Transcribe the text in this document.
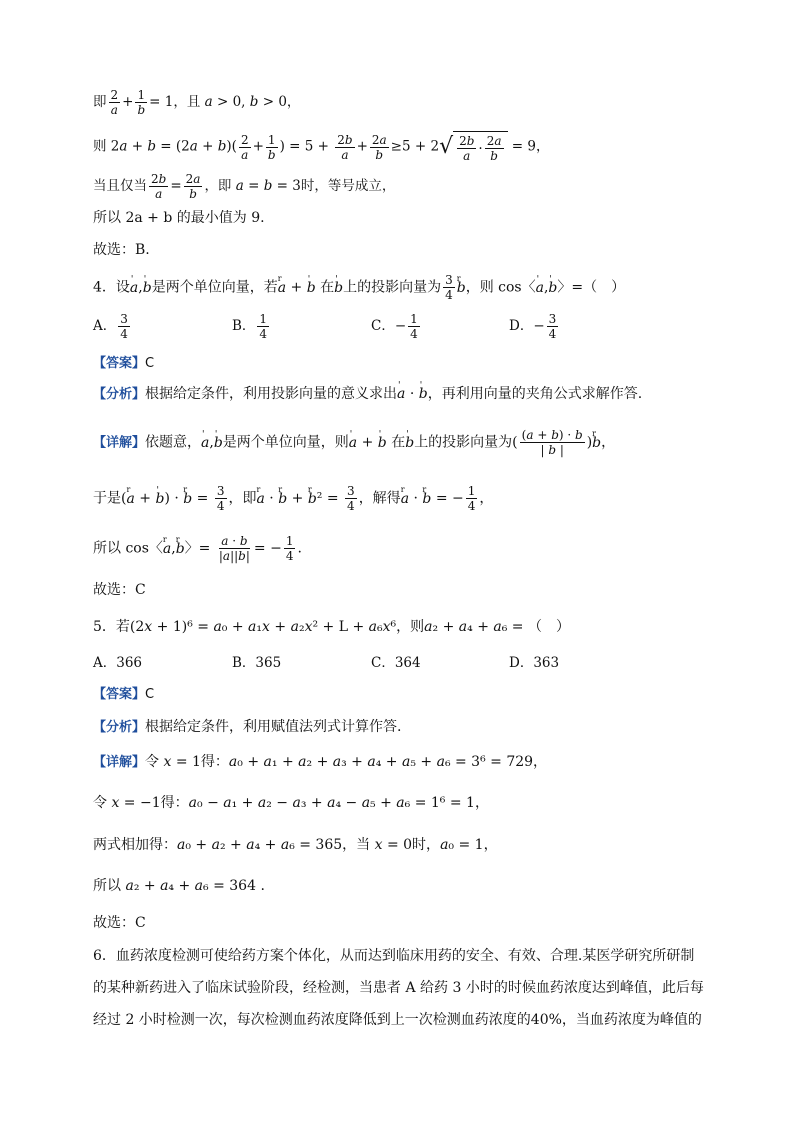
即 $\frac{2}{a} + \frac{1}{b} = 1$，且 a > 0, b > 0，
则 $2a + b = (2a + b)( \frac{2}{a} + \frac{1}{b}$ ) = $5 + \frac{2b}{a} + \frac{2a}{b} \ge 5 + 2$ √ $\frac{2b}{a} \cdot \frac{2a}{b} = 9$，
当且仅当 $\frac{2b}{a} = \frac{2a}{b}$ ，即 a = b = 3时，等号成立，
所以 2a + b 的最小值为 9.
故选：B.
4．设' a,' b是两个单位向量，若r a + ' b 在' b上的投影向量为 $\frac{3}{4}$
r b，则 cos〈' a,' b〉=（　）
A． $\frac{3}{4}$	B． $\frac{1}{4}$	C．− $\frac{1}{4}$	D．− $\frac{3}{4}$
【答案】C
【分析】根据给定条件，利用投影向量的意义求出' a · ' b，再利用向量的夹角公式求解作答.
【详解】依题意，' a,' b是两个单位向量，则' a + ' b 在' b上的投影向量为( $\frac{(a + b) \cdot b}{| b |} )r$ b，
于是(r a + ' b) · r $b = \frac{3}{4}$ ，即r a · r b + r $b^2 = \frac{3}{4}$ ，解得r a · r b = − $\frac{1}{4}$ ，
所以 cos〈r a,r b〉= $\frac{a \cdot b}{|a||b|}$ = − $\frac{1}{4}$ .
故选：C
5．若(2x + 1)⁶ = a₀ + a₁x + a₂x² + L + a₆x⁶，则a₂ + a₄ + a₆ = （　）
A．366	B．365	C．364	D．363
【答案】C
【分析】根据给定条件，利用赋值法列式计算作答.
【详解】令 x = 1得：a₀ + a₁ + a₂ + a₃ + a₄ + a₅ + a₆ = 3⁶ = 729，
令 x = −1得：a₀ − a₁ + a₂ − a₃ + a₄ − a₅ + a₆ = 1⁶ = 1，
两式相加得：a₀ + a₂ + a₄ + a₆ = 365，当 x = 0时，a₀ = 1，
所以 a₂ + a₄ + a₆ = 364 .
故选：C
6．血药浓度检测可使给药方案个体化，从而达到临床用药的安全、有效、合理.某医学研究所研制
的某种新药进入了临床试验阶段，经检测，当患者 A 给药 3 小时的时候血药浓度达到峰值，此后每
经过 2 小时检测一次，每次检测血药浓度降低到上一次检测血药浓度的40%，当血药浓度为峰值的
